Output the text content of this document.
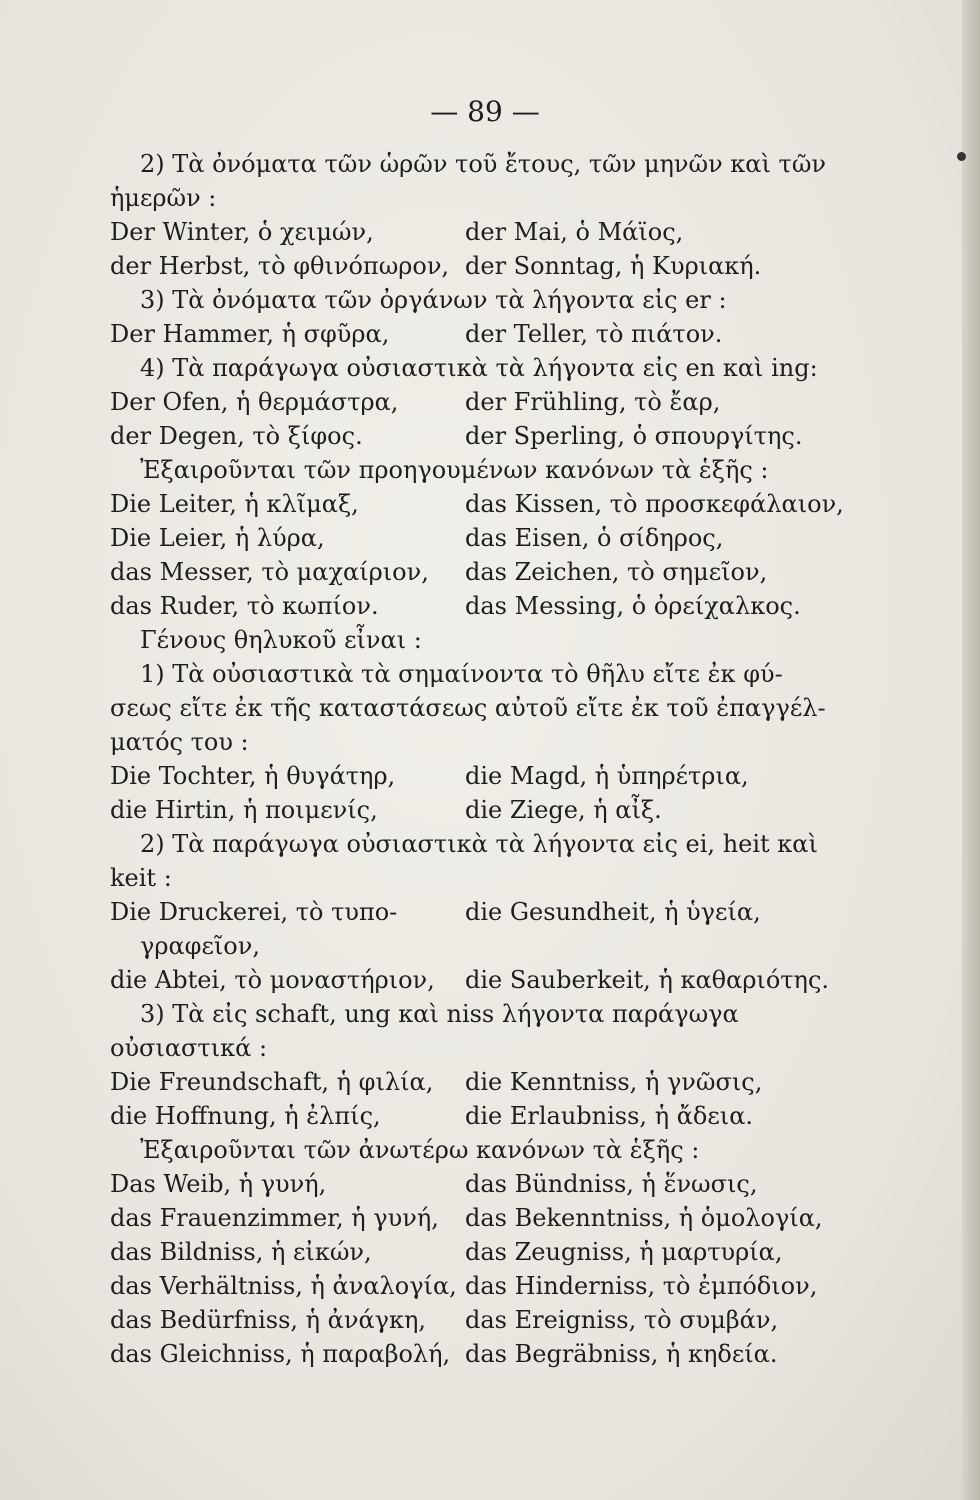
— 89 —
2) Τὰ ὀνόματα τῶν ὡρῶν τοῦ ἔτους, τῶν μηνῶν καὶ τῶν
ἡμερῶν :
Der Winter, ὁ χειμών,	der Mai, ὁ Μάϊος,
der Herbst, τὸ φθινόπωρον, der Sonntag, ἡ Κυριακή.
3) Τὰ ὀνόματα τῶν ὀργάνων τὰ λήγοντα εἰς er :
Der Hammer, ἡ σφῦρα,	der Teller, τὸ πιάτον.
4) Τὰ παράγωγα οὐσιαστικὰ τὰ λήγοντα εἰς en καὶ ing:
Der Ofen, ἡ θερμάστρα,	der Frühling, τὸ ἔαρ,
der Degen, τὸ ξίφος.	der Sperling, ὁ σπουργίτης.
Ἐξαιροῦνται τῶν προηγουμένων κανόνων τὰ ἑξῆς :
Die Leiter, ἡ κλῖμαξ,	das Kissen, τὸ προσκεφάλαιον,
Die Leier, ἡ λύρα,	das Eisen, ὁ σίδηρος,
das Messer, τὸ μαχαίριον,	das Zeichen, τὸ σημεῖον,
das Ruder, τὸ κωπίον.	das Messing, ὁ ὀρείχαλκος.
Γένους θηλυκοῦ εἶναι :
1) Τὰ οὐσιαστικὰ τὰ σημαίνοντα τὸ θῆλυ εἴτε ἐκ φύ-
σεως εἴτε ἐκ τῆς καταστάσεως αὐτοῦ εἴτε ἐκ τοῦ ἐπαγγέλ-
ματός του :
Die Tochter, ἡ θυγάτηρ,	die Magd, ἡ ὑπηρέτρια,
die Hirtin, ἡ ποιμενίς,	die Ziege, ἡ αἶξ.
2) Τὰ παράγωγα οὐσιαστικὰ τὰ λήγοντα εἰς ei, heit καὶ
keit :
Die Druckerei, τὸ τυπο-	die Gesundheit, ἡ ὑγεία,
γραφεῖον,
die Abtei, τὸ μοναστήριον,	die Sauberkeit, ἡ καθαριότης.
3) Τὰ εἰς schaft, ung καὶ niss λήγοντα παράγωγα
οὐσιαστικά :
Die Freundschaft, ἡ φιλία,	die Kenntniss, ἡ γνῶσις,
die Hoffnung, ἡ ἐλπίς,	die Erlaubniss, ἡ ἄδεια.
Ἐξαιροῦνται τῶν ἀνωτέρω κανόνων τὰ ἑξῆς :
Das Weib, ἡ γυνή,	das Bündniss, ἡ ἕνωσις,
das Frauenzimmer, ἡ γυνή,	das Bekenntniss, ἡ ὁμολογία,
das Bildniss, ἡ εἰκών,	das Zeugniss, ἡ μαρτυρία,
das Verhältniss, ἡ ἀναλογία, das Hinderniss, τὸ ἐμπόδιον,
das Bedürfniss, ἡ ἀνάγκη,	das Ereigniss, τὸ συμβάν,
das Gleichniss, ἡ παραβολή, das Begräbniss, ἡ κηδεία.
